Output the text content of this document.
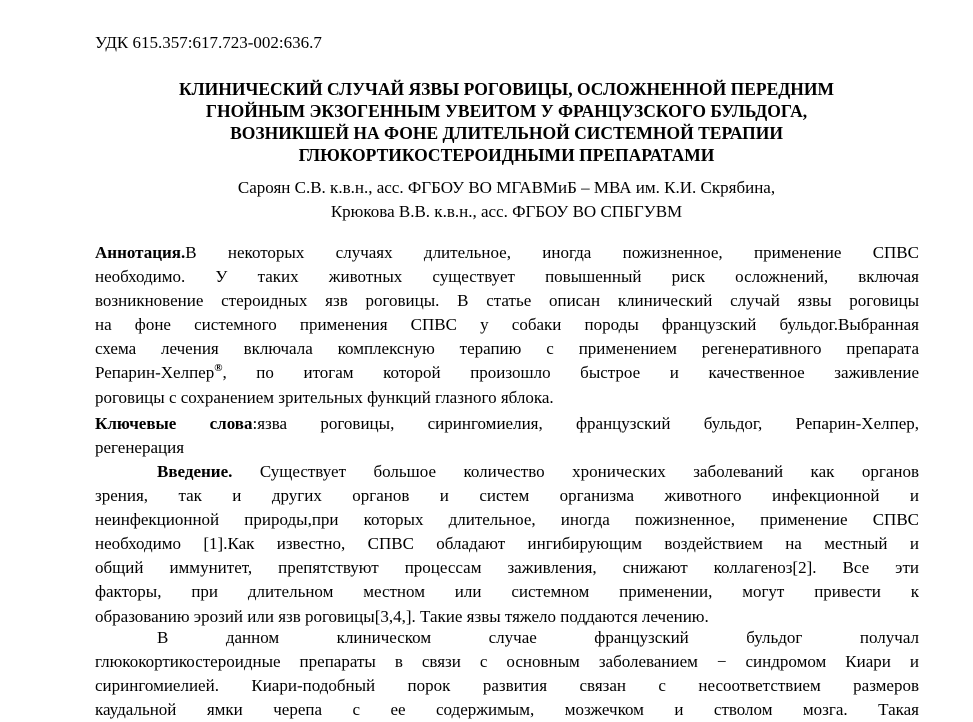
УДК 615.357:617.723-002:636.7
КЛИНИЧЕСКИЙ СЛУЧАЙ ЯЗВЫ РОГОВИЦЫ, ОСЛОЖНЕННОЙ ПЕРЕДНИМ
ГНОЙНЫМ ЭКЗОГЕННЫМ УВЕИТОМ У ФРАНЦУЗСКОГО БУЛЬДОГА,
ВОЗНИКШЕЙ НА ФОНЕ ДЛИТЕЛЬНОЙ СИСТЕМНОЙ ТЕРАПИИ
ГЛЮКОРТИКОСТЕРОИДНЫМИ ПРЕПАРАТАМИ
Сароян С.В. к.в.н., асс. ФГБОУ ВО МГАВМиБ – МВА им. К.И. Скрябина,
Крюкова В.В. к.в.н., асс. ФГБОУ ВО СПБГУВМ
Аннотация.В некоторых случаях длительное, иногда пожизненное, применение СПВС
необходимо. У таких животных существует повышенный риск осложнений, включая
возникновение стероидных язв роговицы. В статье описан клинический случай язвы роговицы
на фоне системного применения СПВС у собаки породы французский бульдог.Выбранная
схема лечения включала комплексную терапию с применением регенеративного препарата
Репарин-Хелпер®, по итогам которой произошло быстрое и качественное заживление
роговицы с сохранением зрительных функций глазного яблока.
Ключевые слова:язва роговицы, сирингомиелия, французский бульдог, Репарин-Хелпер,
регенерация
Введение. Существует большое количество хронических заболеваний как органов
зрения, так и других органов и систем организма животного инфекционной и
неинфекционной природы,при которых длительное, иногда пожизненное, применение СПВС
необходимо [1].Как известно, СПВС обладают ингибирующим воздействием на местный и
общий иммунитет, препятствуют процессам заживления, снижают коллагеноз[2]. Все эти
факторы, при длительном местном или системном применении, могут привести к
образованию эрозий или язв роговицы[3,4,]. Такие язвы тяжело поддаются лечению.
В данном клиническом случае французский бульдог получал
глюкокортикостероидные препараты в связи с основным заболеванием − синдромом Киари и
сирингомиелией. Киари-подобный порок развития связан с несоответствием размеров
каудальной ямки черепа с ее содержимым, мозжечком и стволом мозга. Такая
